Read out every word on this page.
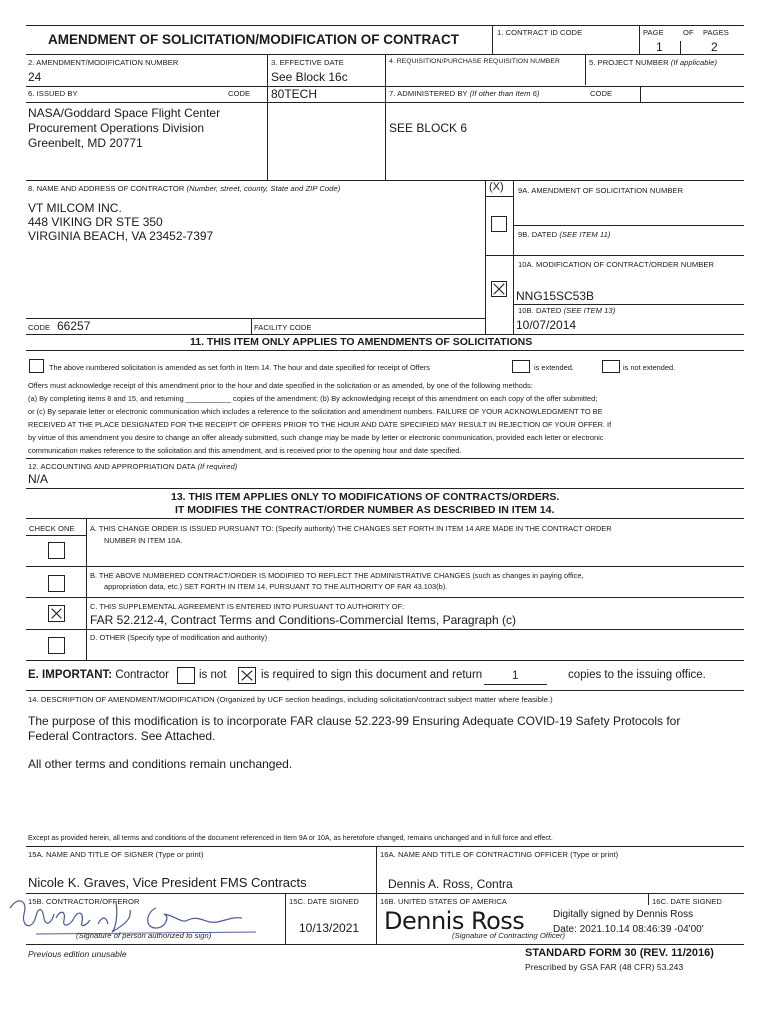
AMENDMENT OF SOLICITATION/MODIFICATION OF CONTRACT	1. CONTRACT ID CODE	PAGE	OF PAGES
1	2
2. AMENDMENT/MODIFICATION NUMBER
24
3. EFFECTIVE DATE
See Block 16c
4. REQUISITION/PURCHASE REQUISITION NUMBER	5. PROJECT NUMBER (If applicable)
6. ISSUED BY	CODE 80TECH
NASA/Goddard Space Flight Center
Procurement Operations Division
Greenbelt, MD 20771
7. ADMINISTERED BY (If other than Item 6)	CODE
SEE BLOCK 6
8. NAME AND ADDRESS OF CONTRACTOR (Number, street, county, State and ZIP Code)
VT MILCOM INC.
448 VIKING DR STE 350
VIRGINIA BEACH, VA 23452-7397
(X) 9A. AMENDMENT OF SOLICITATION NUMBER
9B. DATED (SEE ITEM 11)
10A. MODIFICATION OF CONTRACT/ORDER NUMBER
NNG15SC53B
10B. DATED (SEE ITEM 13)
10/07/2014
CODE 66257	FACILITY CODE
11. THIS ITEM ONLY APPLIES TO AMENDMENTS OF SOLICITATIONS
The above numbered solicitation is amended as set forth in Item 14. The hour and date specified for receipt of Offers	is extended.	is not extended.
Offers must acknowledge receipt of this amendment prior to the hour and date specified in the solicitation or as amended, by one of the following methods:
(a) By completing items 8 and 15, and returning ___________ copies of the amendment; (b) By acknowledging receipt of this amendment on each copy of the offer submitted;
or (c) By separate letter or electronic communication which includes a reference to the solicitation and amendment numbers. FAILURE OF YOUR ACKNOWLEDGMENT TO BE
RECEIVED AT THE PLACE DESIGNATED FOR THE RECEIPT OF OFFERS PRIOR TO THE HOUR AND DATE SPECIFIED MAY RESULT IN REJECTION OF YOUR OFFER. If
by virtue of this amendment you desire to change an offer already submitted, such change may be made by letter or electronic communication, provided each letter or electronic
communication makes reference to the solicitation and this amendment, and is received prior to the opening hour and date specified.
12. ACCOUNTING AND APPROPRIATION DATA (If required)
N/A
13. THIS ITEM APPLIES ONLY TO MODIFICATIONS OF CONTRACTS/ORDERS.
IT MODIFIES THE CONTRACT/ORDER NUMBER AS DESCRIBED IN ITEM 14.
CHECK ONE A. THIS CHANGE ORDER IS ISSUED PURSUANT TO: (Specify authority) THE CHANGES SET FORTH IN ITEM 14 ARE MADE IN THE CONTRACT ORDER
NUMBER IN ITEM 10A.
B. THE ABOVE NUMBERED CONTRACT/ORDER IS MODIFIED TO REFLECT THE ADMINISTRATIVE CHANGES (such as changes in paying office,
appropriation data, etc.) SET FORTH IN ITEM 14, PURSUANT TO THE AUTHORITY OF FAR 43.103(b).
C. THIS SUPPLEMENTAL AGREEMENT IS ENTERED INTO PURSUANT TO AUTHORITY OF:
FAR 52.212-4, Contract Terms and Conditions-Commercial Items, Paragraph (c)
D. OTHER (Specify type of modification and authority)
E. IMPORTANT: Contractor	is not	is required to sign this document and return	1	copies to the issuing office.
14. DESCRIPTION OF AMENDMENT/MODIFICATION (Organized by UCF section headings, including solicitation/contract subject matter where feasible.)
The purpose of this modification is to incorporate FAR clause 52.223-99 Ensuring Adequate COVID-19 Safety Protocols for
Federal Contractors. See Attached.
All other terms and conditions remain unchanged.
Except as provided herein, all terms and conditions of the document referenced in Item 9A or 10A, as heretofore changed, remains unchanged and in full force and effect.
15A. NAME AND TITLE OF SIGNER (Type or print)	16A. NAME AND TITLE OF CONTRACTING OFFICER (Type or print)
Nicole K. Graves, Vice President FMS Contracts	Dennis A. Ross, Contra
15B. CONTRACTOR/OFFEROR
(Signature of person authorized to sign)
15C. DATE SIGNED
10/13/2021
16B. UNITED STATES OF AMERICA
Dennis Ross
(Signature of Contracting Officer)
Digitally signed by Dennis Ross
Date: 2021.10.14 08:46:39 -04'00'
16C. DATE SIGNED
Previous edition unusable	STANDARD FORM 30 (REV. 11/2016)
Prescribed by GSA FAR (48 CFR) 53.243
